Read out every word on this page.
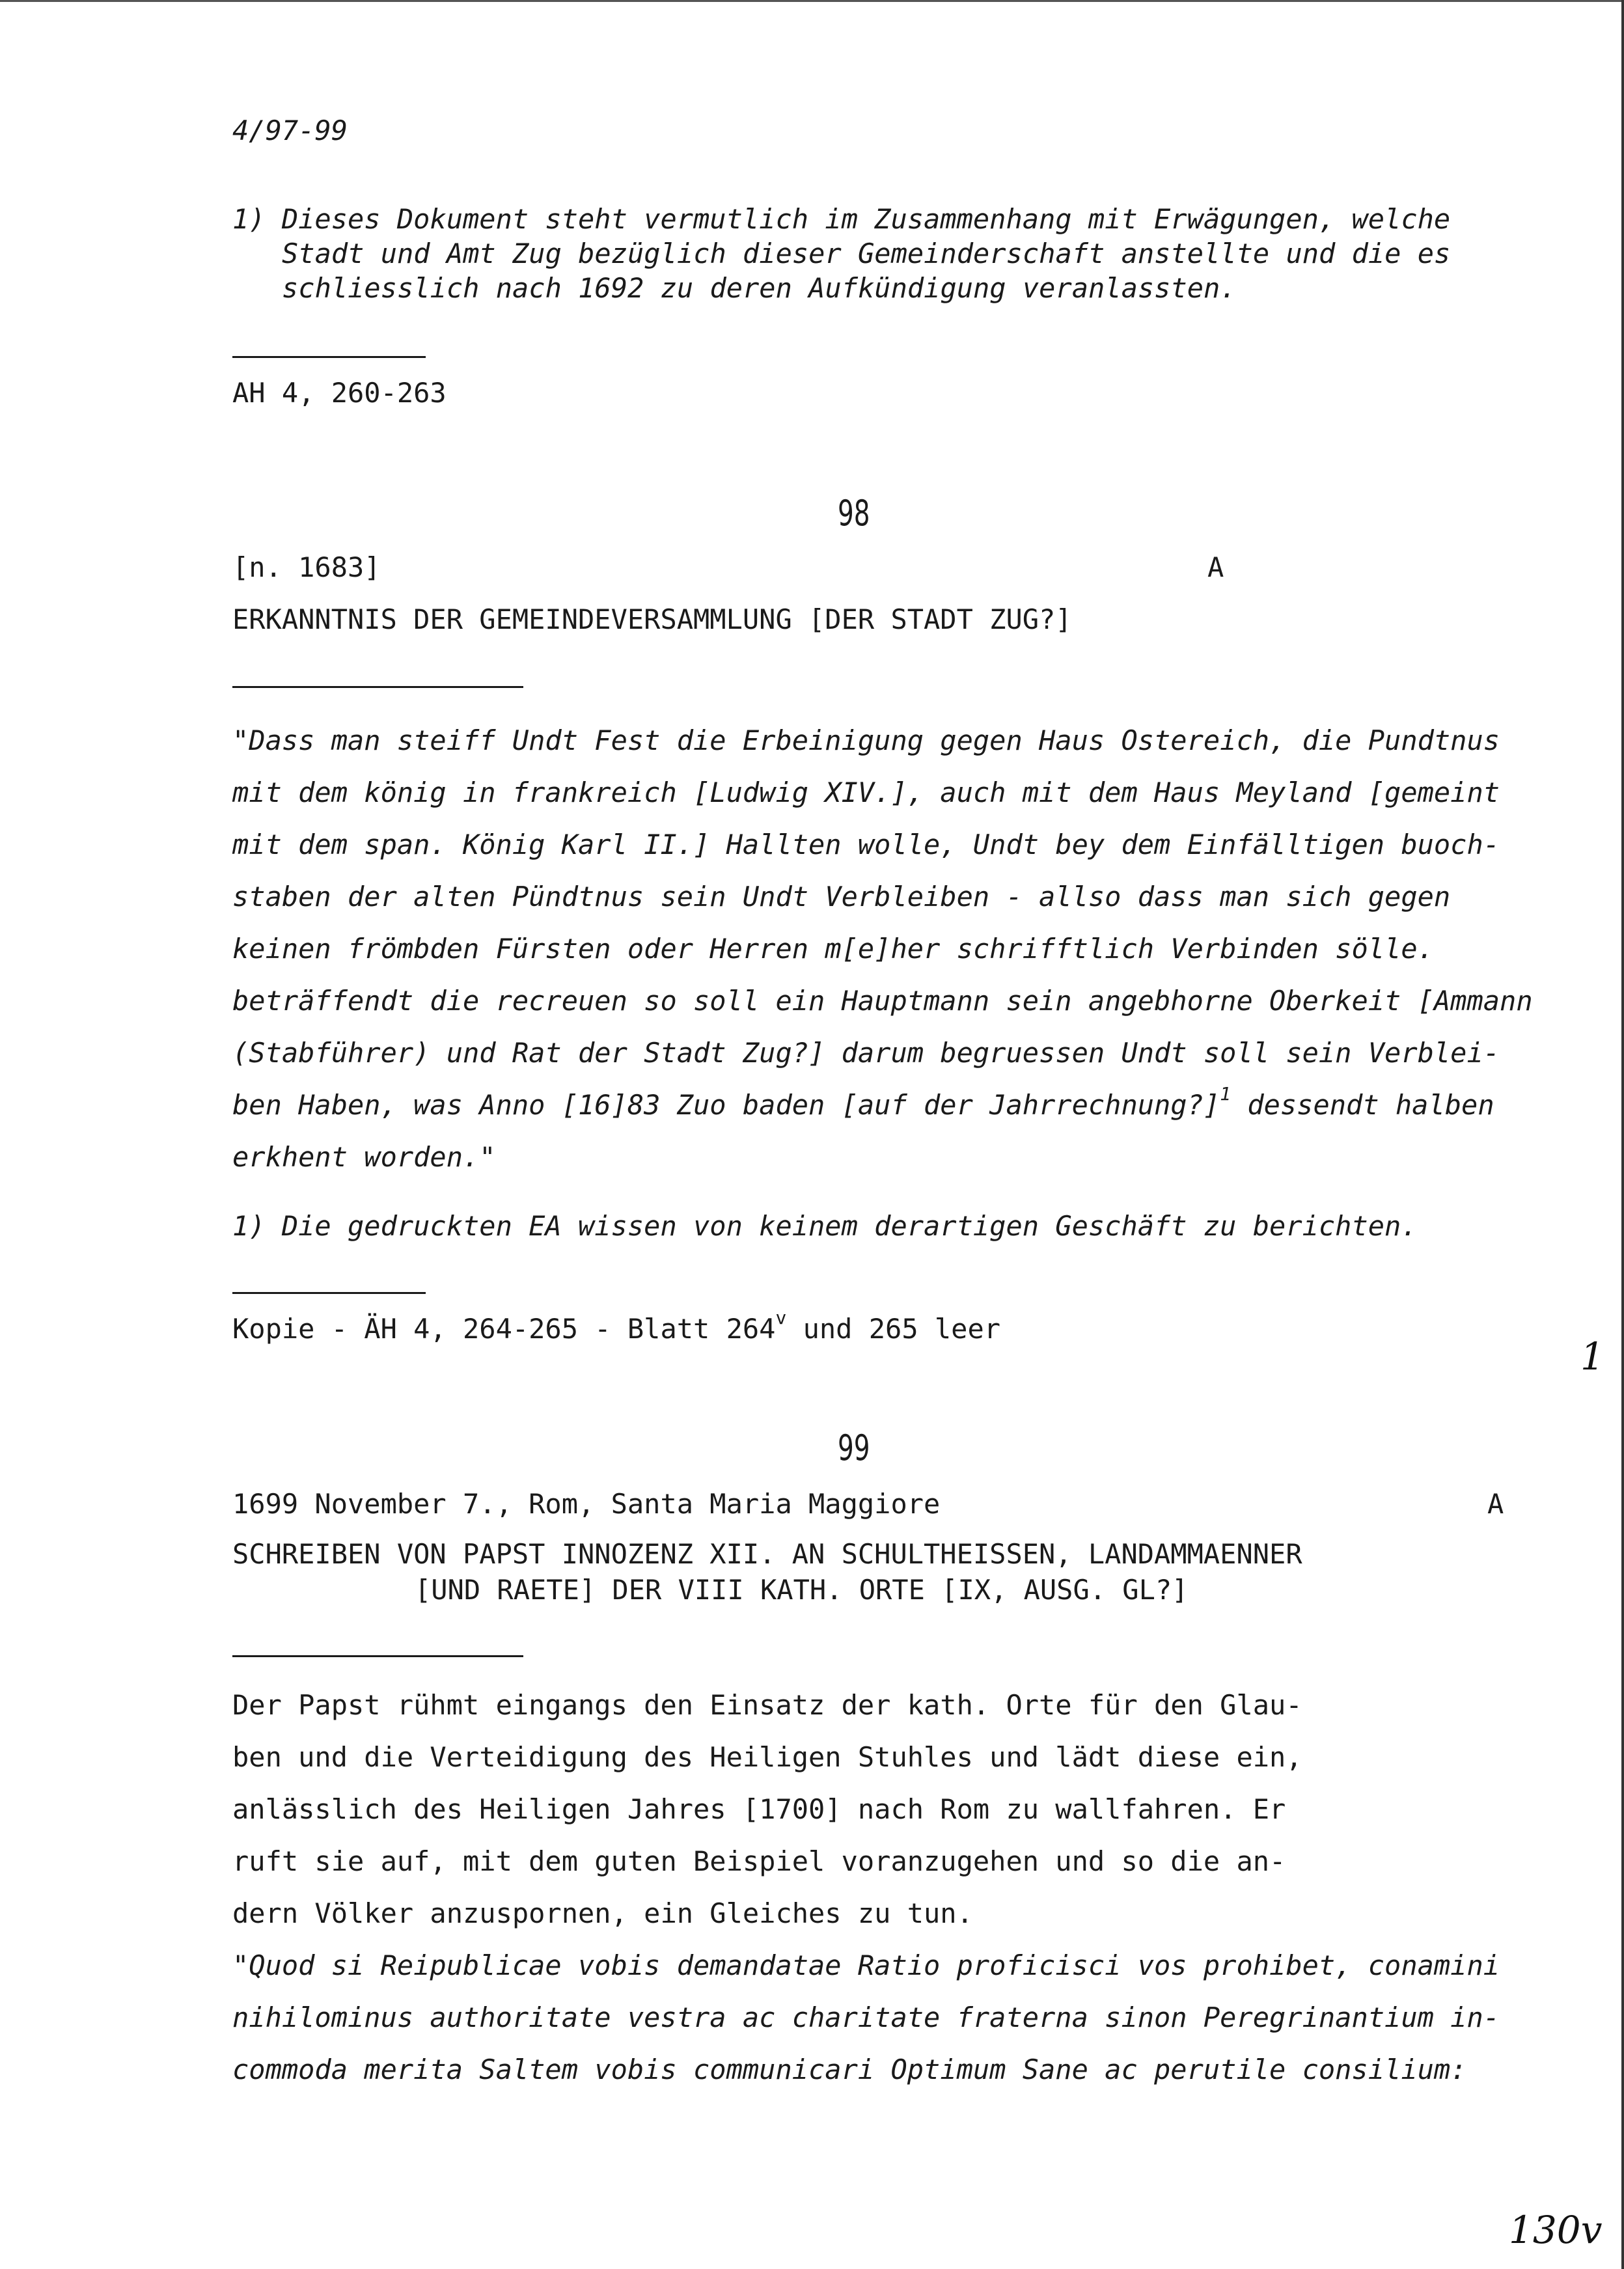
4/97-99
1) Dieses Dokument steht vermutlich im Zusammenhang mit Erwägungen, welche
Stadt und Amt Zug bezüglich dieser Gemeinderschaft anstellte und die es
schliesslich nach 1692 zu deren Aufkündigung veranlassten.
AH 4, 260-263
98
[n. 1683]	A
ERKANNTNIS DER GEMEINDEVERSAMMLUNG [DER STADT ZUG?]
"Dass man steiff Undt Fest die Erbeinigung gegen Haus Ostereich, die Pundtnus
mit dem könig in frankreich [Ludwig XIV.], auch mit dem Haus Meyland [gemeint
mit dem span. König Karl II.] Hallten wolle, Undt bey dem Einfälltigen buoch-
staben der alten Pündtnus sein Undt Verbleiben - allso dass man sich gegen
keinen frömbden Fürsten oder Herren m[e]her schrifftlich Verbinden sölle.
beträffendt die recreuen so soll ein Hauptmann sein angebhorne Oberkeit [Ammann
(Stabführer) und Rat der Stadt Zug?] darum begruessen Undt soll sein Verblei-
ben Haben, was Anno [16]83 Zuo baden [auf der Jahrrechnung?]$^1$ dessendt halben
erkhent worden."
1) Die gedruckten EA wissen von keinem derartigen Geschäft zu berichten.
Kopie - ÄH 4, 264-265 - Blatt 264$^v$ und 265 leer
1
99
1699 November 7., Rom, Santa Maria Maggiore	A
SCHREIBEN VON PAPST INNOZENZ XII. AN SCHULTHEISSEN, LANDAMMAENNER
[UND RAETE] DER VIII KATH. ORTE [IX, AUSG. GL?]
Der Papst rühmt eingangs den Einsatz der kath. Orte für den Glau-
ben und die Verteidigung des Heiligen Stuhles und lädt diese ein,
anlässlich des Heiligen Jahres [1700] nach Rom zu wallfahren. Er
ruft sie auf, mit dem guten Beispiel voranzugehen und so die an-
dern Völker anzuspornen, ein Gleiches zu tun.
"Quod si Reipublicae vobis demandatae Ratio proficisci vos prohibet, conamini
nihilominus authoritate vestra ac charitate fraterna sinon Peregrinantium in-
commoda merita Saltem vobis communicari Optimum Sane ac perutile consilium:
130v
